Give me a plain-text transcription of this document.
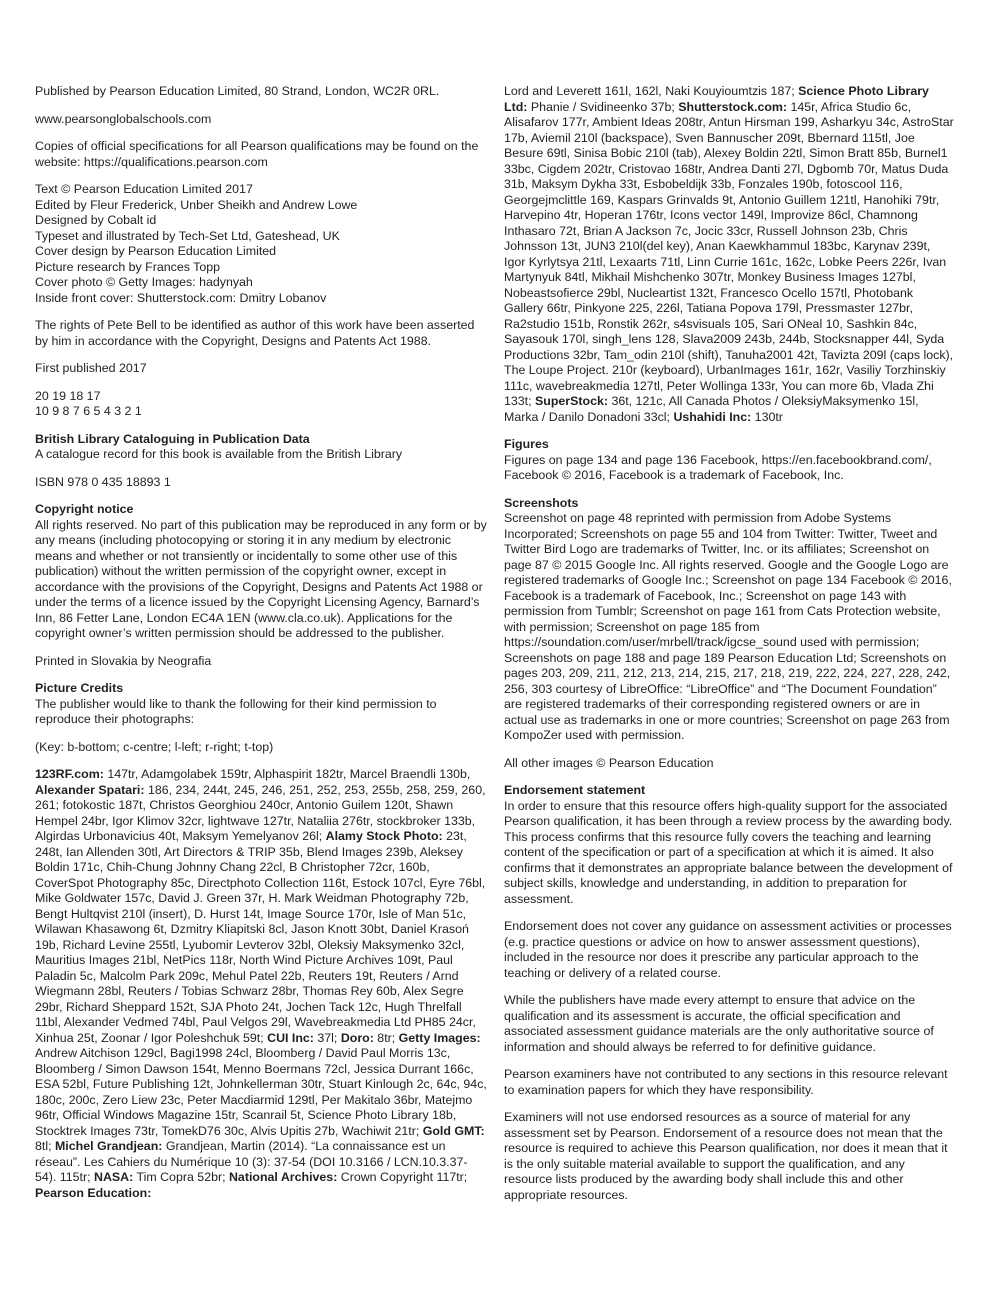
Published by Pearson Education Limited, 80 Strand, London, WC2R 0RL.

www.pearsonglobalschools.com

Copies of official specifications for all Pearson qualifications may be found on the website: https://qualifications.pearson.com

Text © Pearson Education Limited 2017
Edited by Fleur Frederick, Unber Sheikh and Andrew Lowe
Designed by Cobalt id
Typeset and illustrated by Tech-Set Ltd, Gateshead, UK
Cover design by Pearson Education Limited
Picture research by Frances Topp
Cover photo © Getty Images: hadynyah
Inside front cover: Shutterstock.com: Dmitry Lobanov

The rights of Pete Bell to be identified as author of this work have been asserted by him in accordance with the Copyright, Designs and Patents Act 1988.

First published 2017

20 19 18 17
10 9 8 7 6 5 4 3 2 1
British Library Cataloguing in Publication Data
A catalogue record for this book is available from the British Library

ISBN 978 0 435 18893 1

Copyright notice
All rights reserved. No part of this publication may be reproduced in any form or by any means (including photocopying or storing it in any medium by electronic means and whether or not transiently or incidentally to some other use of this publication) without the written permission of the copyright owner, except in accordance with the provisions of the Copyright, Designs and Patents Act 1988 or under the terms of a licence issued by the Copyright Licensing Agency, Barnard’s Inn, 86 Fetter Lane, London EC4A 1EN (www.cla.co.uk). Applications for the copyright owner’s written permission should be addressed to the publisher.

Printed in Slovakia by Neografia

Picture Credits
The publisher would like to thank the following for their kind permission to reproduce their photographs:

(Key: b-bottom; c-centre; l-left; r-right; t-top)

123RF.com: 147tr, Adamgolabek 159tr, Alphaspirit 182tr, Marcel Braendli 130b, Alexander Spatari: 186, 234, 244t, 245, 246, 251, 252, 253, 255b, 258, 259, 260, 261; fotokostic 187t, Christos Georghiou 240cr, Antonio Guilem 120t, Shawn Hempel 24br, Igor Klimov 32cr, lightwave 127tr, Nataliia 276tr, stockbroker 133b, Algirdas Urbonavicius 40t, Maksym Yemelyanov 26l; Alamy Stock Photo: 23t, 248t, Ian Allenden 30tl, Art Directors & TRIP 35b, Blend Images 239b, Aleksey Boldin 171c, Chih-Chung Johnny Chang 22cl, B Christopher 72cr, 160b, CoverSpot Photography 85c, Directphoto Collection 116t, Estock 107cl, Eyre 76bl, Mike Goldwater 157c, David J. Green 37r, H. Mark Weidman Photography 72b, Bengt Hultqvist 210l (insert), D. Hurst 14t, Image Source 170r, Isle of Man 51c, Wilawan Khasawong 6t, Dzmitry Kliapitski 8cl, Jason Knott 30bt, Daniel Krasoń 19b, Richard Levine 255tl, Lyubomir Levterov 32bl, Oleksiy Maksymenko 32cl, Mauritius Images 21bl, NetPics 118r, North Wind Picture Archives 109t, Paul Paladin 5c, Malcolm Park 209c, Mehul Patel 22b, Reuters 19t, Reuters / Arnd Wiegmann 28bl, Reuters / Tobias Schwarz 28br, Thomas Rey 60b, Alex Segre 29br, Richard Sheppard 152t, SJA Photo 24t, Jochen Tack 12c, Hugh Threlfall 11bl, Alexander Vedmed 74bl, Paul Velgos 29l, Wavebreakmedia Ltd PH85 24cr, Xinhua 25t, Zoonar / Igor Poleshchuk 59t; CUI Inc: 37l; Doro: 8tr; Getty Images: Andrew Aitchison 129cl, Bagi1998 24cl, Bloomberg / David Paul Morris 13c, Bloomberg / Simon Dawson 154t, Menno Boermans 72cl, Jessica Durrant 166c, ESA 52bl, Future Publishing 12t, Johnkellerman 30tr, Stuart Kinlough 2c, 64c, 94c, 180c, 200c, Zero Liew 23c, Peter Macdiarmid 129tl, Per Makitalo 36br, Matejmo 96tr, Official Windows Magazine 15tr, Scanrail 5t, Science Photo Library 18b, Stocktrek Images 73tr, TomekD76 30c, Alvis Upitis 27b, Wachiwit 21tr; Gold GMT: 8tl; Michel Grandjean: Grandjean, Martin (2014). “La connaissance est un réseau”. Les Cahiers du Numérique 10 (3): 37-54 (DOI 10.3166 / LCN.10.3.37-54). 115tr; NASA: Tim Copra 52br; National Archives: Crown Copyright 117tr; Pearson Education:
Lord and Leverett 161l, 162l, Naki Kouyioumtzis 187; Science Photo Library Ltd: Phanie / Svidineenko 37b; Shutterstock.com: 145r, Africa Studio 6c, Alisafarov 177r, Ambient Ideas 208tr, Antun Hirsman 199, Asharkyu 34c, AstroStar 17b, Aviemil 210l (backspace), Sven Bannuscher 209t, Bbernard 115tl, Joe Besure 69tl, Sinisa Bobic 210l (tab), Alexey Boldin 22tl, Simon Bratt 85b, Burnel1 33bc, Cigdem 202tr, Cristovao 168tr, Andrea Danti 27l, Dgbomb 70r, Matus Duda 31b, Maksym Dykha 33t, Esbobeldijk 33b, Fonzales 190b, fotoscool 116, Georgejmclittle 169, Kaspars Grinvalds 9t, Antonio Guillem 121tl, Hanohiki 79tr, Harvepino 4tr, Hoperan 176tr, Icons vector 149l, Improvize 86cl, Chamnong Inthasaro 72t, Brian A Jackson 7c, Jocic 33cr, Russell Johnson 23b, Chris Johnsson 13t, JUN3 210l(del key), Anan Kaewkhammul 183bc, Karynav 239t, Igor Kyrlytsya 21tl, Lexaarts 71tl, Linn Currie 161c, 162c, Lobke Peers 226r, Ivan Martynyuk 84tl, Mikhail Mishchenko 307tr, Monkey Business Images 127bl, Nobeastsofierce 29bl, Nucleartist 132t, Francesco Ocello 157tl, Photobank Gallery 66tr, Pinkyone 225, 226l, Tatiana Popova 179l, Pressmaster 127br, Ra2studio 151b, Ronstik 262r, s4svisuals 105, Sari ONeal 10, Sashkin 84c, Sayasouk 170l, singh_lens 128, Slava2009 243b, 244b, Stocksnapper 44l, Syda Productions 32br, Tam_odin 210l (shift), Tanuha2001 42t, Tavizta 209l (caps lock), The Loupe Project. 210r (keyboard), UrbanImages 161r, 162r, Vasiliy Torzhinskiy 111c, wavebreakmedia 127tl, Peter Wollinga 133r, You can more 6b, Vlada Zhi 133t; SuperStock: 36t, 121c, All Canada Photos / OleksiyMaksymenko 15l, Marka / Danilo Donadoni 33cl; Ushahidi Inc: 130tr
Figures
Figures on page 134 and page 136 Facebook, https://en.facebookbrand.com/, Facebook © 2016, Facebook is a trademark of Facebook, Inc.
Screenshots
Screenshot on page 48 reprinted with permission from Adobe Systems Incorporated; Screenshots on page 55 and 104 from Twitter: Twitter, Tweet and Twitter Bird Logo are trademarks of Twitter, Inc. or its affiliates; Screenshot on page 87 © 2015 Google Inc. All rights reserved. Google and the Google Logo are registered trademarks of Google Inc.; Screenshot on page 134 Facebook © 2016, Facebook is a trademark of Facebook, Inc.; Screenshot on page 143 with permission from Tumblr; Screenshot on page 161 from Cats Protection website, with permission; Screenshot on page 185 from https://soundation.com/user/mrbell/track/igcse_sound used with permission; Screenshots on page 188 and page 189 Pearson Education Ltd; Screenshots on pages 203, 209, 211, 212, 213, 214, 215, 217, 218, 219, 222, 224, 227, 228, 242, 256, 303 courtesy of LibreOffice: “LibreOffice” and “The Document Foundation” are registered trademarks of their corresponding registered owners or are in actual use as trademarks in one or more countries; Screenshot on page 263 from KompoZer used with permission.

All other images © Pearson Education

Endorsement statement
In order to ensure that this resource offers high-quality support for the associated Pearson qualification, it has been through a review process by the awarding body. This process confirms that this resource fully covers the teaching and learning content of the specification or part of a specification at which it is aimed. It also confirms that it demonstrates an appropriate balance between the development of subject skills, knowledge and understanding, in addition to preparation for assessment.

Endorsement does not cover any guidance on assessment activities or processes (e.g. practice questions or advice on how to answer assessment questions), included in the resource nor does it prescribe any particular approach to the teaching or delivery of a related course.

While the publishers have made every attempt to ensure that advice on the qualification and its assessment is accurate, the official specification and associated assessment guidance materials are the only authoritative source of information and should always be referred to for definitive guidance.

Pearson examiners have not contributed to any sections in this resource relevant to examination papers for which they have responsibility.

Examiners will not use endorsed resources as a source of material for any assessment set by Pearson. Endorsement of a resource does not mean that the resource is required to achieve this Pearson qualification, nor does it mean that it is the only suitable material available to support the qualification, and any resource lists produced by the awarding body shall include this and other appropriate resources.
